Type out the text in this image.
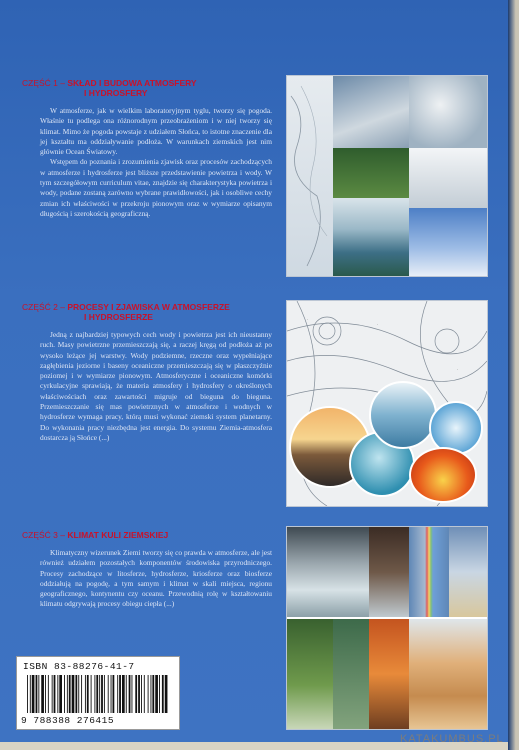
CZĘŚĆ 1 – SKŁAD I BUDOWA ATMOSFERY
I HYDROSFERY

W atmosferze, jak w wielkim laboratoryjnym tyglu, tworzy się pogoda. Właśnie tu podlega ona różnorodnym przeobrażeniom i w niej tworzy się klimat. Mimo że pogoda powstaje z udziałem Słońca, to istotne znaczenie dla jej kształtu ma oddziaływanie podłoża. W warunkach ziemskich jest nim głównie Ocean Światowy.

Wstępem do poznania i zrozumienia zjawisk oraz procesów zachodzących w atmosferze i hydrosferze jest bliższe przedstawienie powietrza i wody. W tym szczegółowym curriculum vitae, znajdzie się charakterystyka powietrza i wody, podane zostaną zarówno wybrane prawidłowości, jak i osobliwe cechy zmian ich właściwości w przekroju pionowym oraz w wymiarze opisanym długością i szerokością geograficzną.

CZĘŚĆ 2 – PROCESY I ZJAWISKA W ATMOSFERZE
I HYDROSFERZE

Jedną z najbardziej typowych cech wody i powietrza jest ich nieustanny ruch. Masy powietrzne przemieszczają się, a raczej kręgą od podłoża aż po wysoko leżące jej warstwy. Wody podziemne, rzeczne oraz wypełniające zagłębienia jeziorne i baseny oceaniczne przemieszczają się w płaszczyźnie poziomej i w wymiarze pionowym. Atmosferyczne i oceaniczne komórki cyrkulacyjne sprawiają, że materia atmosfery i hydrosfery o określonych właściwościach oraz zawartości migruje od bieguna do bieguna. Przemieszczanie się mas powietrznych w atmosferze i wodnych w hydrosferze wymaga pracy, którą musi wykonać ziemski system planetarny. Do wykonania pracy niezbędna jest energia. Do systemu Ziemia-atmosfera dostarcza ją Słońce (...)

CZĘŚĆ 3 – KLIMAT KULI ZIEMSKIEJ

Klimatyczny wizerunek Ziemi tworzy się co prawda w atmosferze, ale jest również udziałem pozostałych komponentów środowiska przyrodniczego. Procesy zachodzące w litosferze, hydrosferze, kriosferze oraz biosferze oddziałują na pogodę, a tym samym i klimat w skali miejsca, regionu geograficznego, kontynentu czy oceanu. Przewodnią rolę w kształtowaniu klimatu odgrywają procesy obiegu ciepła (...)

·
·
·
ISBN 83-88276-41-7
9 788388 276415
KATAKUMBUS.PL
